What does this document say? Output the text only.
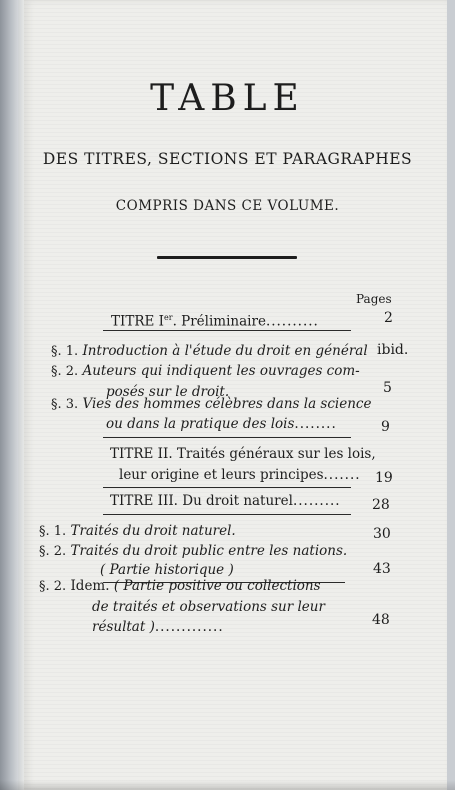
TABLE
DES TITRES, SECTIONS ET PARAGRAPHES
COMPRIS DANS CE VOLUME.
Pages
TITRE Ier. Préliminaire..........	2
§. 1. Introduction à l'étude du droit en général ibid.
§. 2. Auteurs qui indiquent les ouvrages com-
posés sur le droit.	5
§. 3. Vies des hommes célèbres dans la science
ou dans la pratique des lois........	9
TITRE II. Traités généraux sur les lois,
leur origine et leurs principes....... 19
TITRE III. Du droit naturel......... 28
§. 1. Traités du droit naturel.	30
§. 2. Traités du droit public entre les nations.
( Partie historique )	43
§. 2. Idem. ( Partie positive ou collections
de traités et observations sur leur
résultat ).............	48
